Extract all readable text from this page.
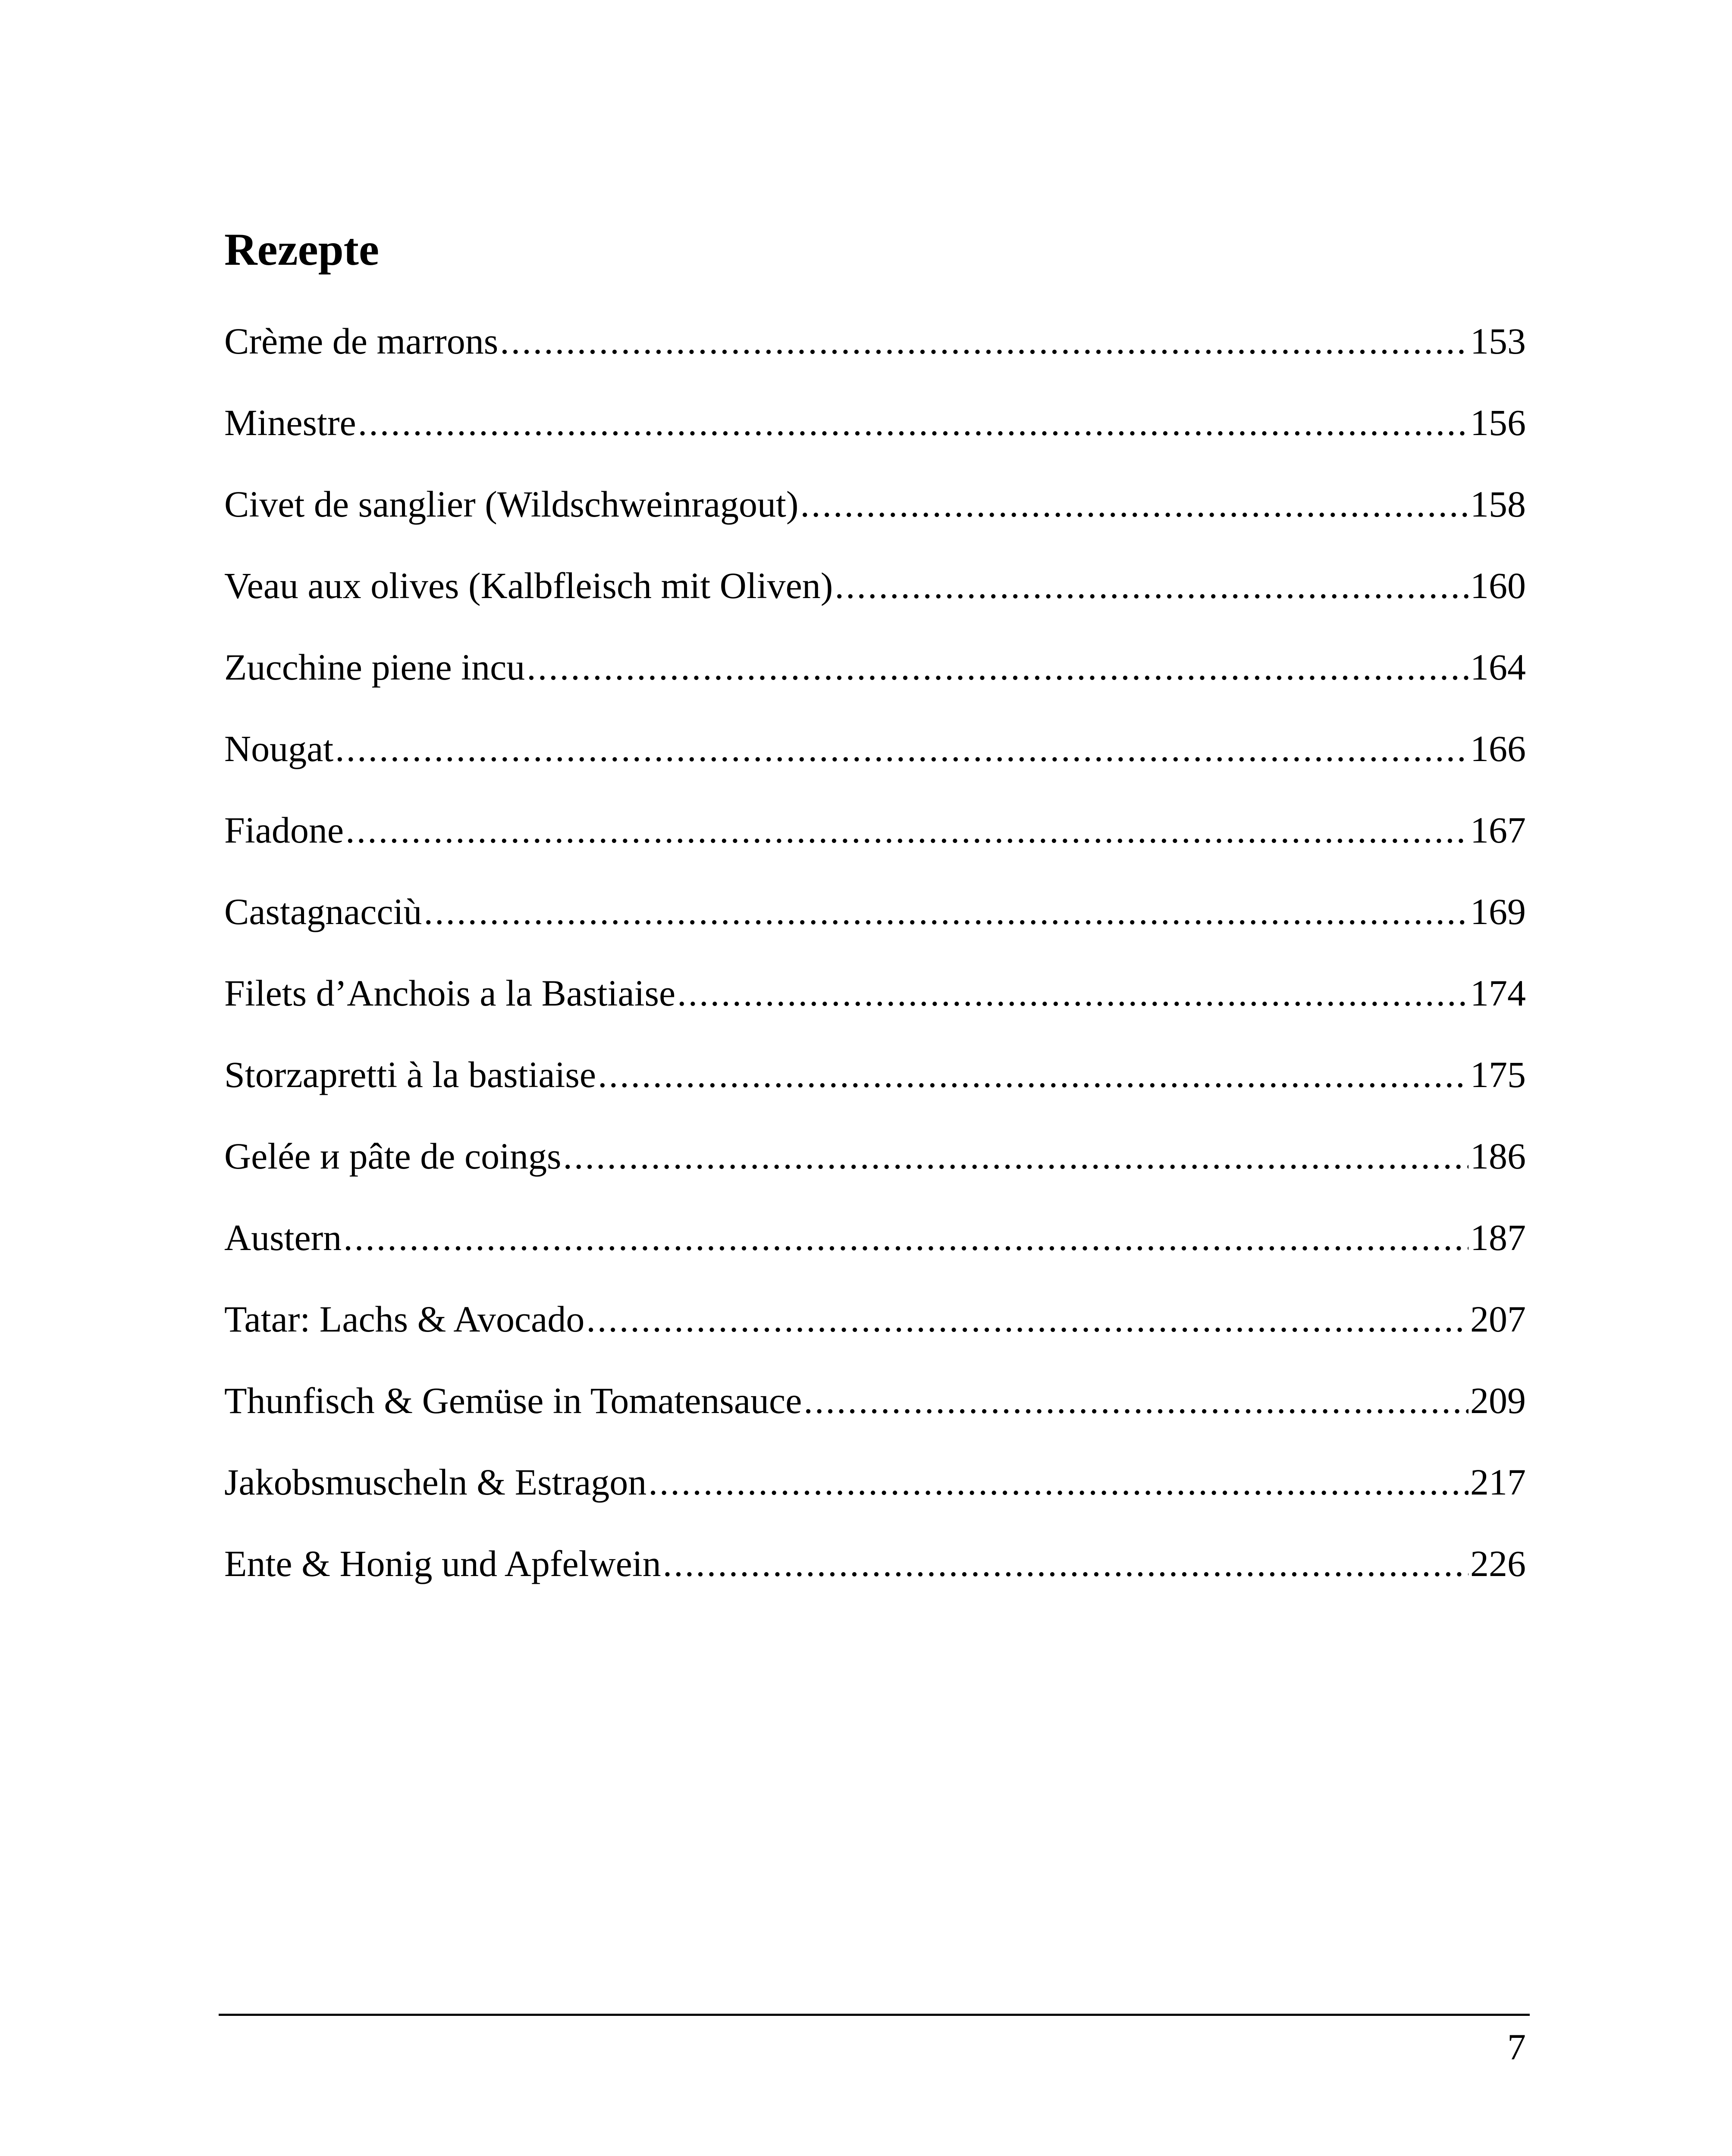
Rezepte
Crème de marrons .....	153
Minestre .....	156
Civet de sanglier (Wildschweinragout) .....	158
Veau aux olives (Kalbfleisch mit Oliven) .....	160
Zucchine piene incu .....	164
Nougat .....	166
Fiadone .....	167
Castagnacciù .....	169
Filets d’Anchois a la Bastiaise .....	174
Storzapretti à la bastiaise .....	175
Gelée и pâte de coings .....	186
Austern .....	187
Tatar: Lachs & Avocado .....	207
Thunfisch & Gemüse in Tomatensauce .....	209
Jakobsmuscheln & Estragon .....	217
Ente & Honig und Apfelwein .....	226
7
